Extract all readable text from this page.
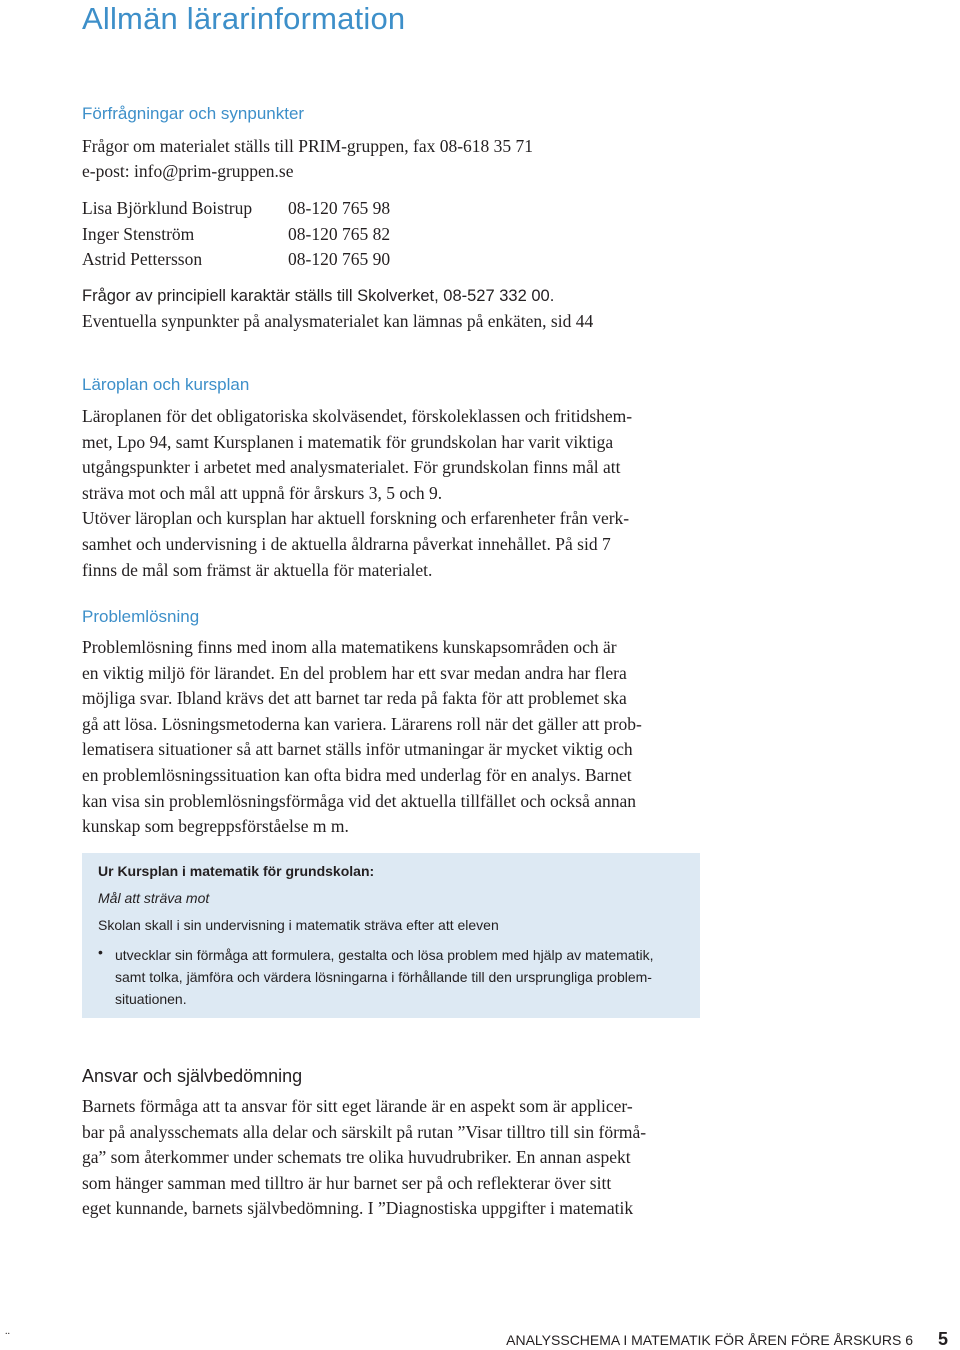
Allmän lärarinformation
Förfrågningar och synpunkter

Frågor om materialet ställs till PRIM-gruppen, fax 08-618 35 71

e-post: info@prim-gruppen.se

Lisa Björklund Boistrup	08-120 765 98
Inger Stenström	08-120 765 82
Astrid Pettersson	08-120 765 90

Frågor av principiell karaktär ställs till Skolverket, 08-527 332 00.

Eventuella synpunkter på analysmaterialet kan lämnas på enkäten, sid 44

Läroplan och kursplan
Läroplanen för det obligatoriska skolväsendet, förskoleklassen och fritidshem-
met, Lpo 94, samt Kursplanen i matematik för grundskolan har varit viktiga
utgångspunkter i arbetet med analysmaterialet. För grundskolan finns mål att
sträva mot och mål att uppnå för årskurs 3, 5 och 9.
Utöver läroplan och kursplan har aktuell forskning och erfarenheter från verk-
samhet och undervisning i de aktuella åldrarna påverkat innehållet. På sid 7
finns de mål som främst är aktuella för materialet.
Problemlösning
Problemlösning finns med inom alla matematikens kunskapsområden och är
en viktig miljö för lärandet. En del problem har ett svar medan andra har flera
möjliga svar. Ibland krävs det att barnet tar reda på fakta för att problemet ska
gå att lösa. Lösningsmetoderna kan variera. Lärarens roll när det gäller att prob-
lematisera situationer så att barnet ställs inför utmaningar är mycket viktig och
en problemlösningssituation kan ofta bidra med underlag för en analys. Barnet
kan visa sin problemlösningsförmåga vid det aktuella tillfället och också annan
kunskap som begreppsförståelse m m.

Ur Kursplan i matematik för grundskolan:

Mål att sträva mot

Skolan skall i sin undervisning i matematik sträva efter att eleven

• utvecklar sin förmåga att formulera, gestalta och lösa problem med hjälp av matematik,
samt tolka, jämföra och värdera lösningarna i förhållande till den ursprungliga problem-
situationen.
Ansvar och självbedömning
Barnets förmåga att ta ansvar för sitt eget lärande är en aspekt som är applicer-
bar på analysschemats alla delar och särskilt på rutan ”Visar tilltro till sin förmå-
ga” som återkommer under schemats tre olika huvudrubriker. En annan aspekt
som hänger samman med tilltro är hur barnet ser på och reflekterar över sitt
eget kunnande, barnets självbedömning. I ”Diagnostiska uppgifter i matematik
..
ANALYSSCHEMA I MATEMATIK FÖR ÅREN FÖRE ÅRSKURS 6 5
